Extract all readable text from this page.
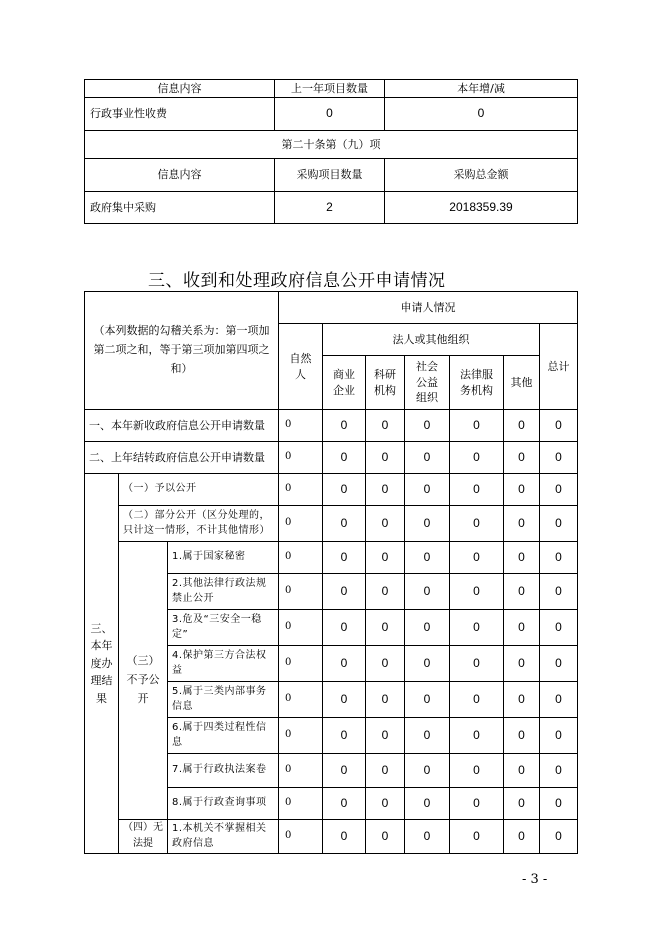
信息内容	上一年项目数量	本年增/减
行政事业性收费	0	0
第二十条第（九）项		
信息内容	采购项目数量	采购总金额
政府集中采购	2	2018359.39
三、收到和处理政府信息公开申请情况
（本列数据的勾稽关系为：第一项加第二项之和，等于第三项加第四项之和）			申请人情况						
			自然人	法人或其他组织					总计
				商业企业	科研机构	社会公益组织	法律服务机构	其他	
一、本年新收政府信息公开申请数量			0	0	0	0	0	0	0
二、上年结转政府信息公开申请数量			0	0	0	0	0	0	0
三、本年度办理结果	（一）予以公开		0	0	0	0	0	0	0
	（二）部分公开（区分处理的，只计这一情形，不计其他情形）		0	0	0	0	0	0	0
	（三）不予公开	1.属于国家秘密	0	0	0	0	0	0	0
		2.其他法律行政法规禁止公开	0	0	0	0	0	0	0
		3.危及“三安全一稳定”	0	0	0	0	0	0	0
		4.保护第三方合法权益	0	0	0	0	0	0	0
		5.属于三类内部事务信息	0	0	0	0	0	0	0
		6.属于四类过程性信息	0	0	0	0	0	0	0
		7.属于行政执法案卷	0	0	0	0	0	0	0
		8.属于行政查询事项	0	0	0	0	0	0	0
	（四）无法提	1.本机关不掌握相关政府信息	0	0	0	0	0	0	0
- 3 -
